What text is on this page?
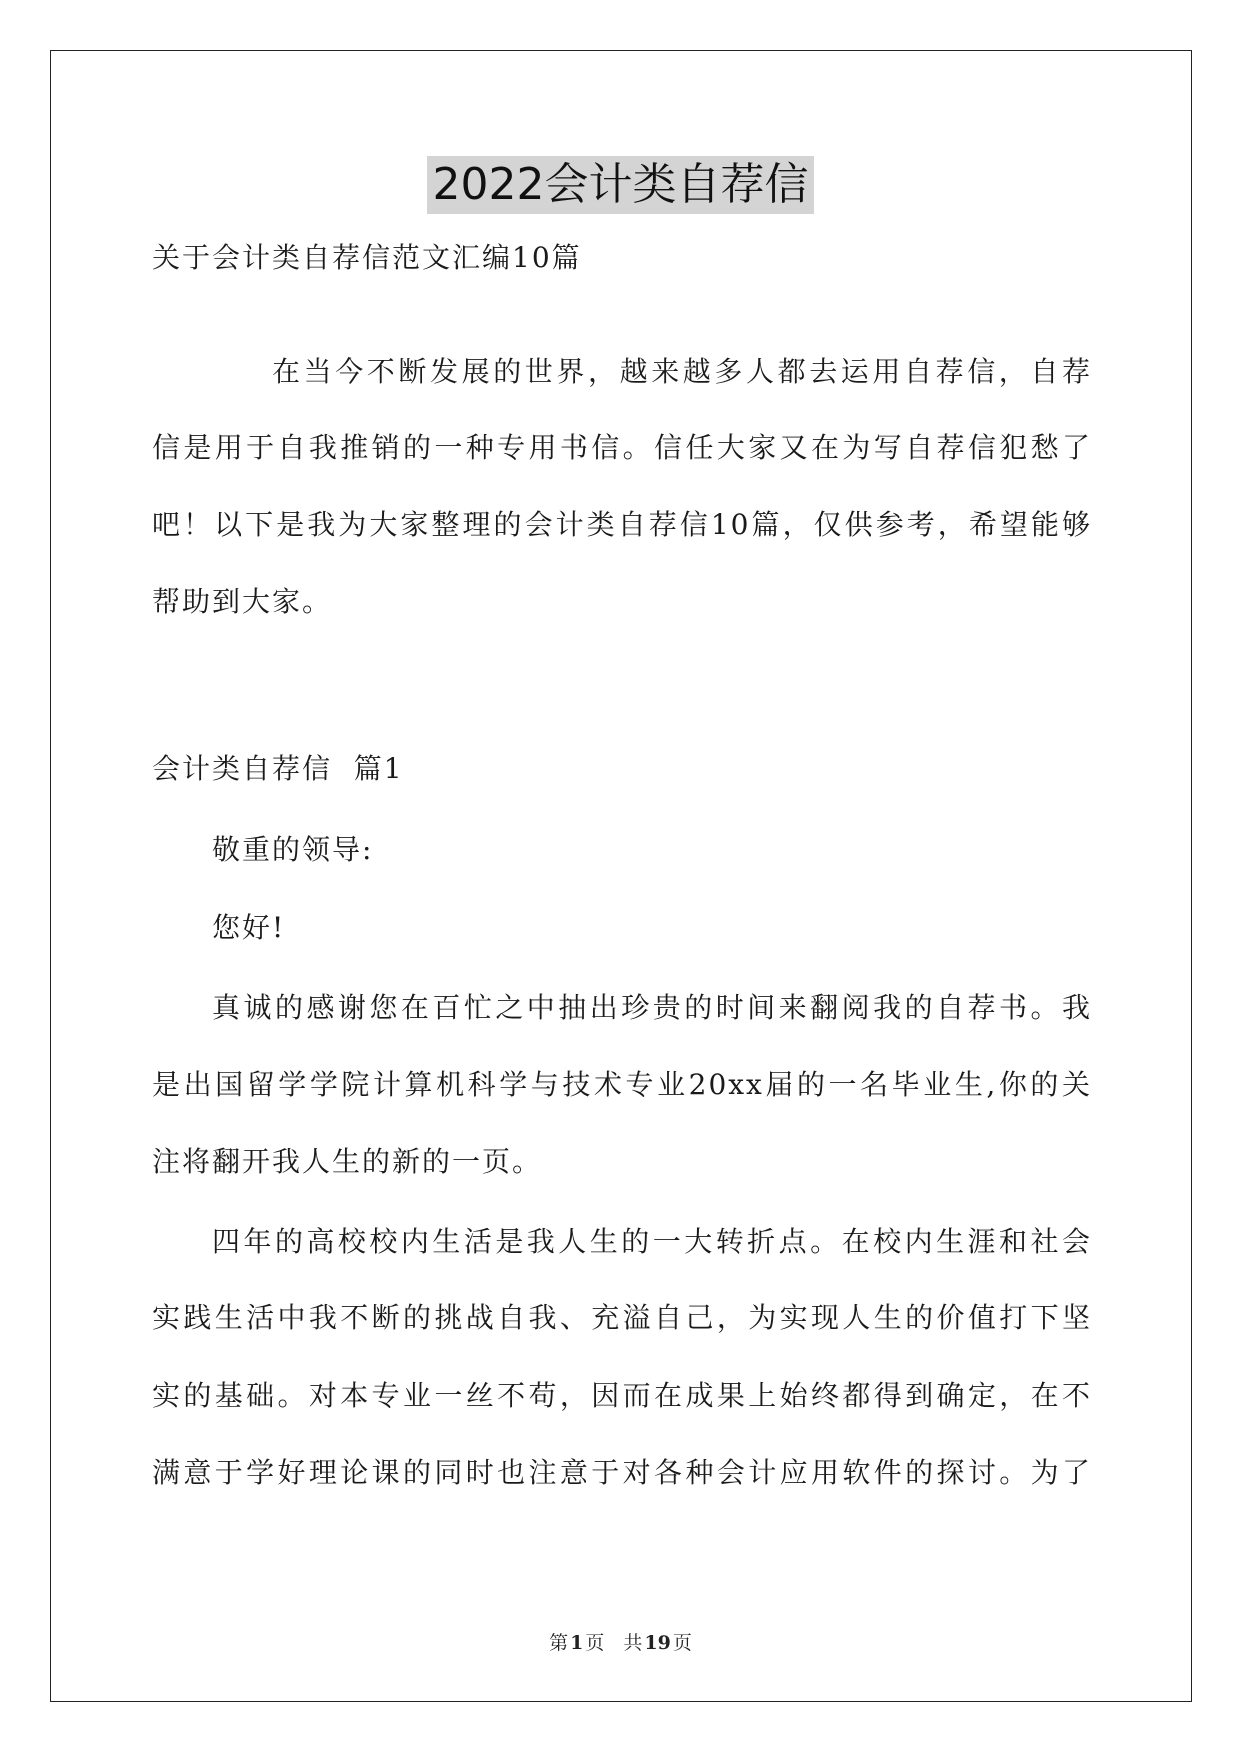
2022会计类自荐信
关于会计类自荐信范文汇编10篇
在当今不断发展的世界，越来越多人都去运用自荐信，自荐
信是用于自我推销的一种专用书信。信任大家又在为写自荐信犯愁了
吧！以下是我为大家整理的会计类自荐信10篇，仅供参考，希望能够
帮助到大家。
会计类自荐信  篇1
敬重的领导:
您好!
真诚的感谢您在百忙之中抽出珍贵的时间来翻阅我的自荐书。我
是出国留学学院计算机科学与技术专业20xx届的一名毕业生,你的关
注将翻开我人生的新的一页。
四年的高校校内生活是我人生的一大转折点。在校内生涯和社会
实践生活中我不断的挑战自我、充溢自己，为实现人生的价值打下坚
实的基础。对本专业一丝不苟，因而在成果上始终都得到确定，在不
满意于学好理论课的同时也注意于对各种会计应用软件的探讨。为了
第 1 页　共 19 页
